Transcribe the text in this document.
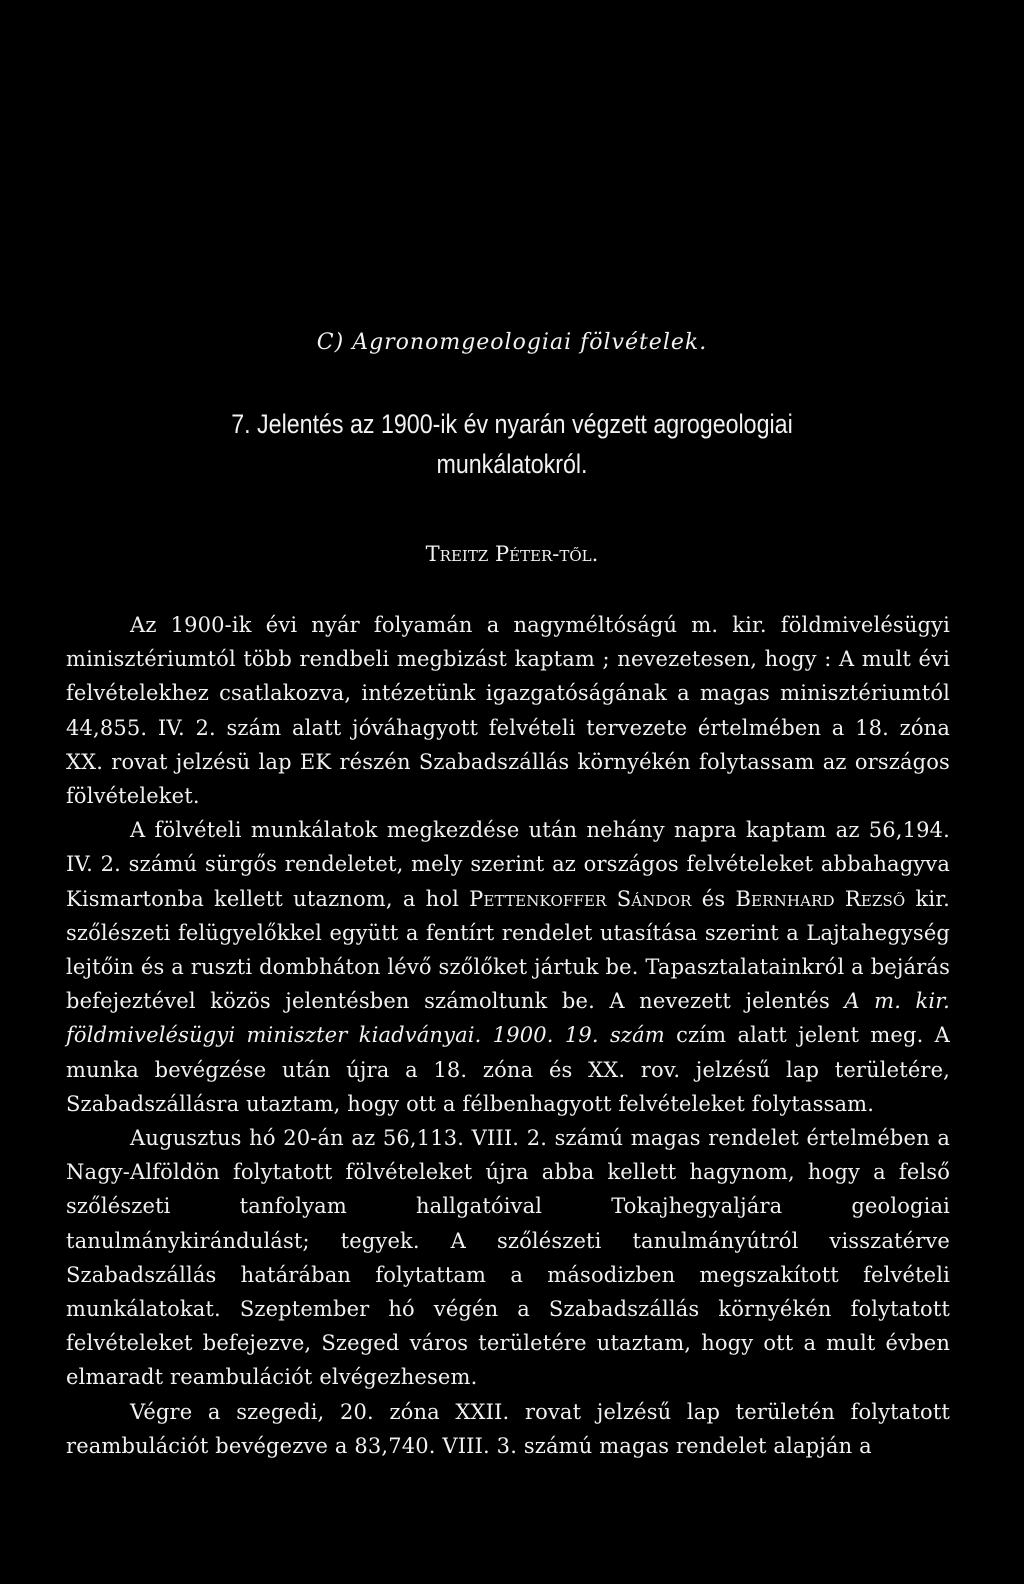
C) Agronomgeologiai fölvételek.
7. Jelentés az 1900-ik év nyarán végzett agrogeologiai munkálatokról.
Treitz Péter-től.

Az 1900-ik évi nyár folyamán a nagyméltóságú m. kir. földmivelésügyi minisztériumtól több rendbeli megbizást kaptam ; nevezetesen, hogy : A mult évi felvételekhez csatlakozva, intézetünk igazgatóságának a magas minisztériumtól 44,855. IV. 2. szám alatt jóváhagyott felvételi tervezete értelmében a 18. zóna XX. rovat jelzésü lap EK részén Szabadszállás környékén folytassam az országos fölvételeket.

A fölvételi munkálatok megkezdése után nehány napra kaptam az 56,194. IV. 2. számú sürgős rendeletet, mely szerint az országos felvételeket abbahagyva Kismartonba kellett utaznom, a hol Pettenkoffer Sándor és Bernhard Rezső kir. szőlészeti felügyelőkkel együtt a fentírt rendelet utasítása szerint a Lajtahegység lejtőin és a ruszti dombháton lévő szőlőket jártuk be. Tapasztalatainkról a bejárás befejeztével közös jelentésben számoltunk be. A nevezett jelentés A m. kir. földmivelésügyi miniszter kiadványai. 1900. 19. szám czím alatt jelent meg. A munka bevégzése után újra a 18. zóna és XX. rov. jelzésű lap területére, Szabadszállásra utaztam, hogy ott a félbenhagyott felvételeket folytassam.

Augusztus hó 20-án az 56,113. VIII. 2. számú magas rendelet értelmében a Nagy-Alföldön folytatott fölvételeket újra abba kellett hagynom, hogy a felső szőlészeti tanfolyam hallgatóival Tokajhegyaljára geologiai tanulmánykirándulást; tegyek. A szőlészeti tanulmányútról visszatérve Szabadszállás határában folytattam a másodizben megszakított felvételi munkálatokat. Szeptember hó végén a Szabadszállás környékén folytatott felvételeket befejezve, Szeged város területére utaztam, hogy ott a mult évben elmaradt reambulációt elvégezhesem.

Végre a szegedi, 20. zóna XXII. rovat jelzésű lap területén folytatott reambulációt bevégezve a 83,740. VIII. 3. számú magas rendelet alapján a
